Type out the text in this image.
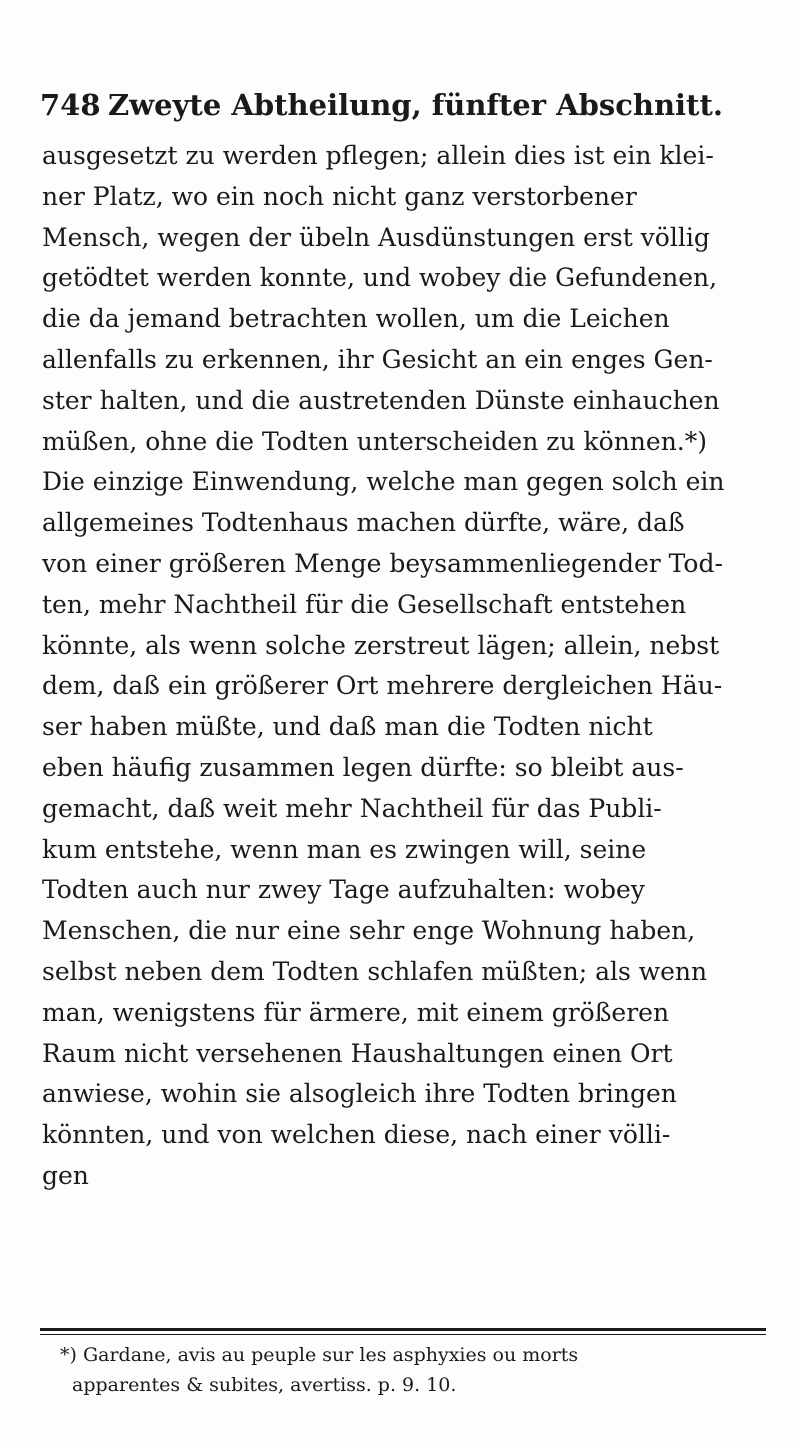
748 Zweyte Abtheilung, fünfter Abschnitt.
ausgesetzt zu werden pflegen; allein dies ist ein klei-
ner Platz, wo ein noch nicht ganz verstorbener
Mensch, wegen der übeln Ausdünstungen erst völlig
getödtet werden konnte, und wobey die Gefundenen,
die da jemand betrachten wollen, um die Leichen
allenfalls zu erkennen, ihr Gesicht an ein enges Gen-
ster halten, und die austretenden Dünste einhauchen
müßen, ohne die Todten unterscheiden zu können.*)
Die einzige Einwendung, welche man gegen solch ein
allgemeines Todtenhaus machen dürfte, wäre, daß
von einer größeren Menge beysammenliegender Tod-
ten, mehr Nachtheil für die Gesellschaft entstehen
könnte, als wenn solche zerstreut lägen; allein, nebst
dem, daß ein größerer Ort mehrere dergleichen Häu-
ser haben müßte, und daß man die Todten nicht
eben häufig zusammen legen dürfte: so bleibt aus-
gemacht, daß weit mehr Nachtheil für das Publi-
kum entstehe, wenn man es zwingen will, seine
Todten auch nur zwey Tage aufzuhalten: wobey
Menschen, die nur eine sehr enge Wohnung haben,
selbst neben dem Todten schlafen müßten; als wenn
man, wenigstens für ärmere, mit einem größeren
Raum nicht versehenen Haushaltungen einen Ort
anwiese, wohin sie alsogleich ihre Todten bringen
könnten, und von welchen diese, nach einer völli-
gen
*) Gardane, avis au peuple sur les asphyxies ou morts
apparentes & subites, avertiss. p. 9. 10.
